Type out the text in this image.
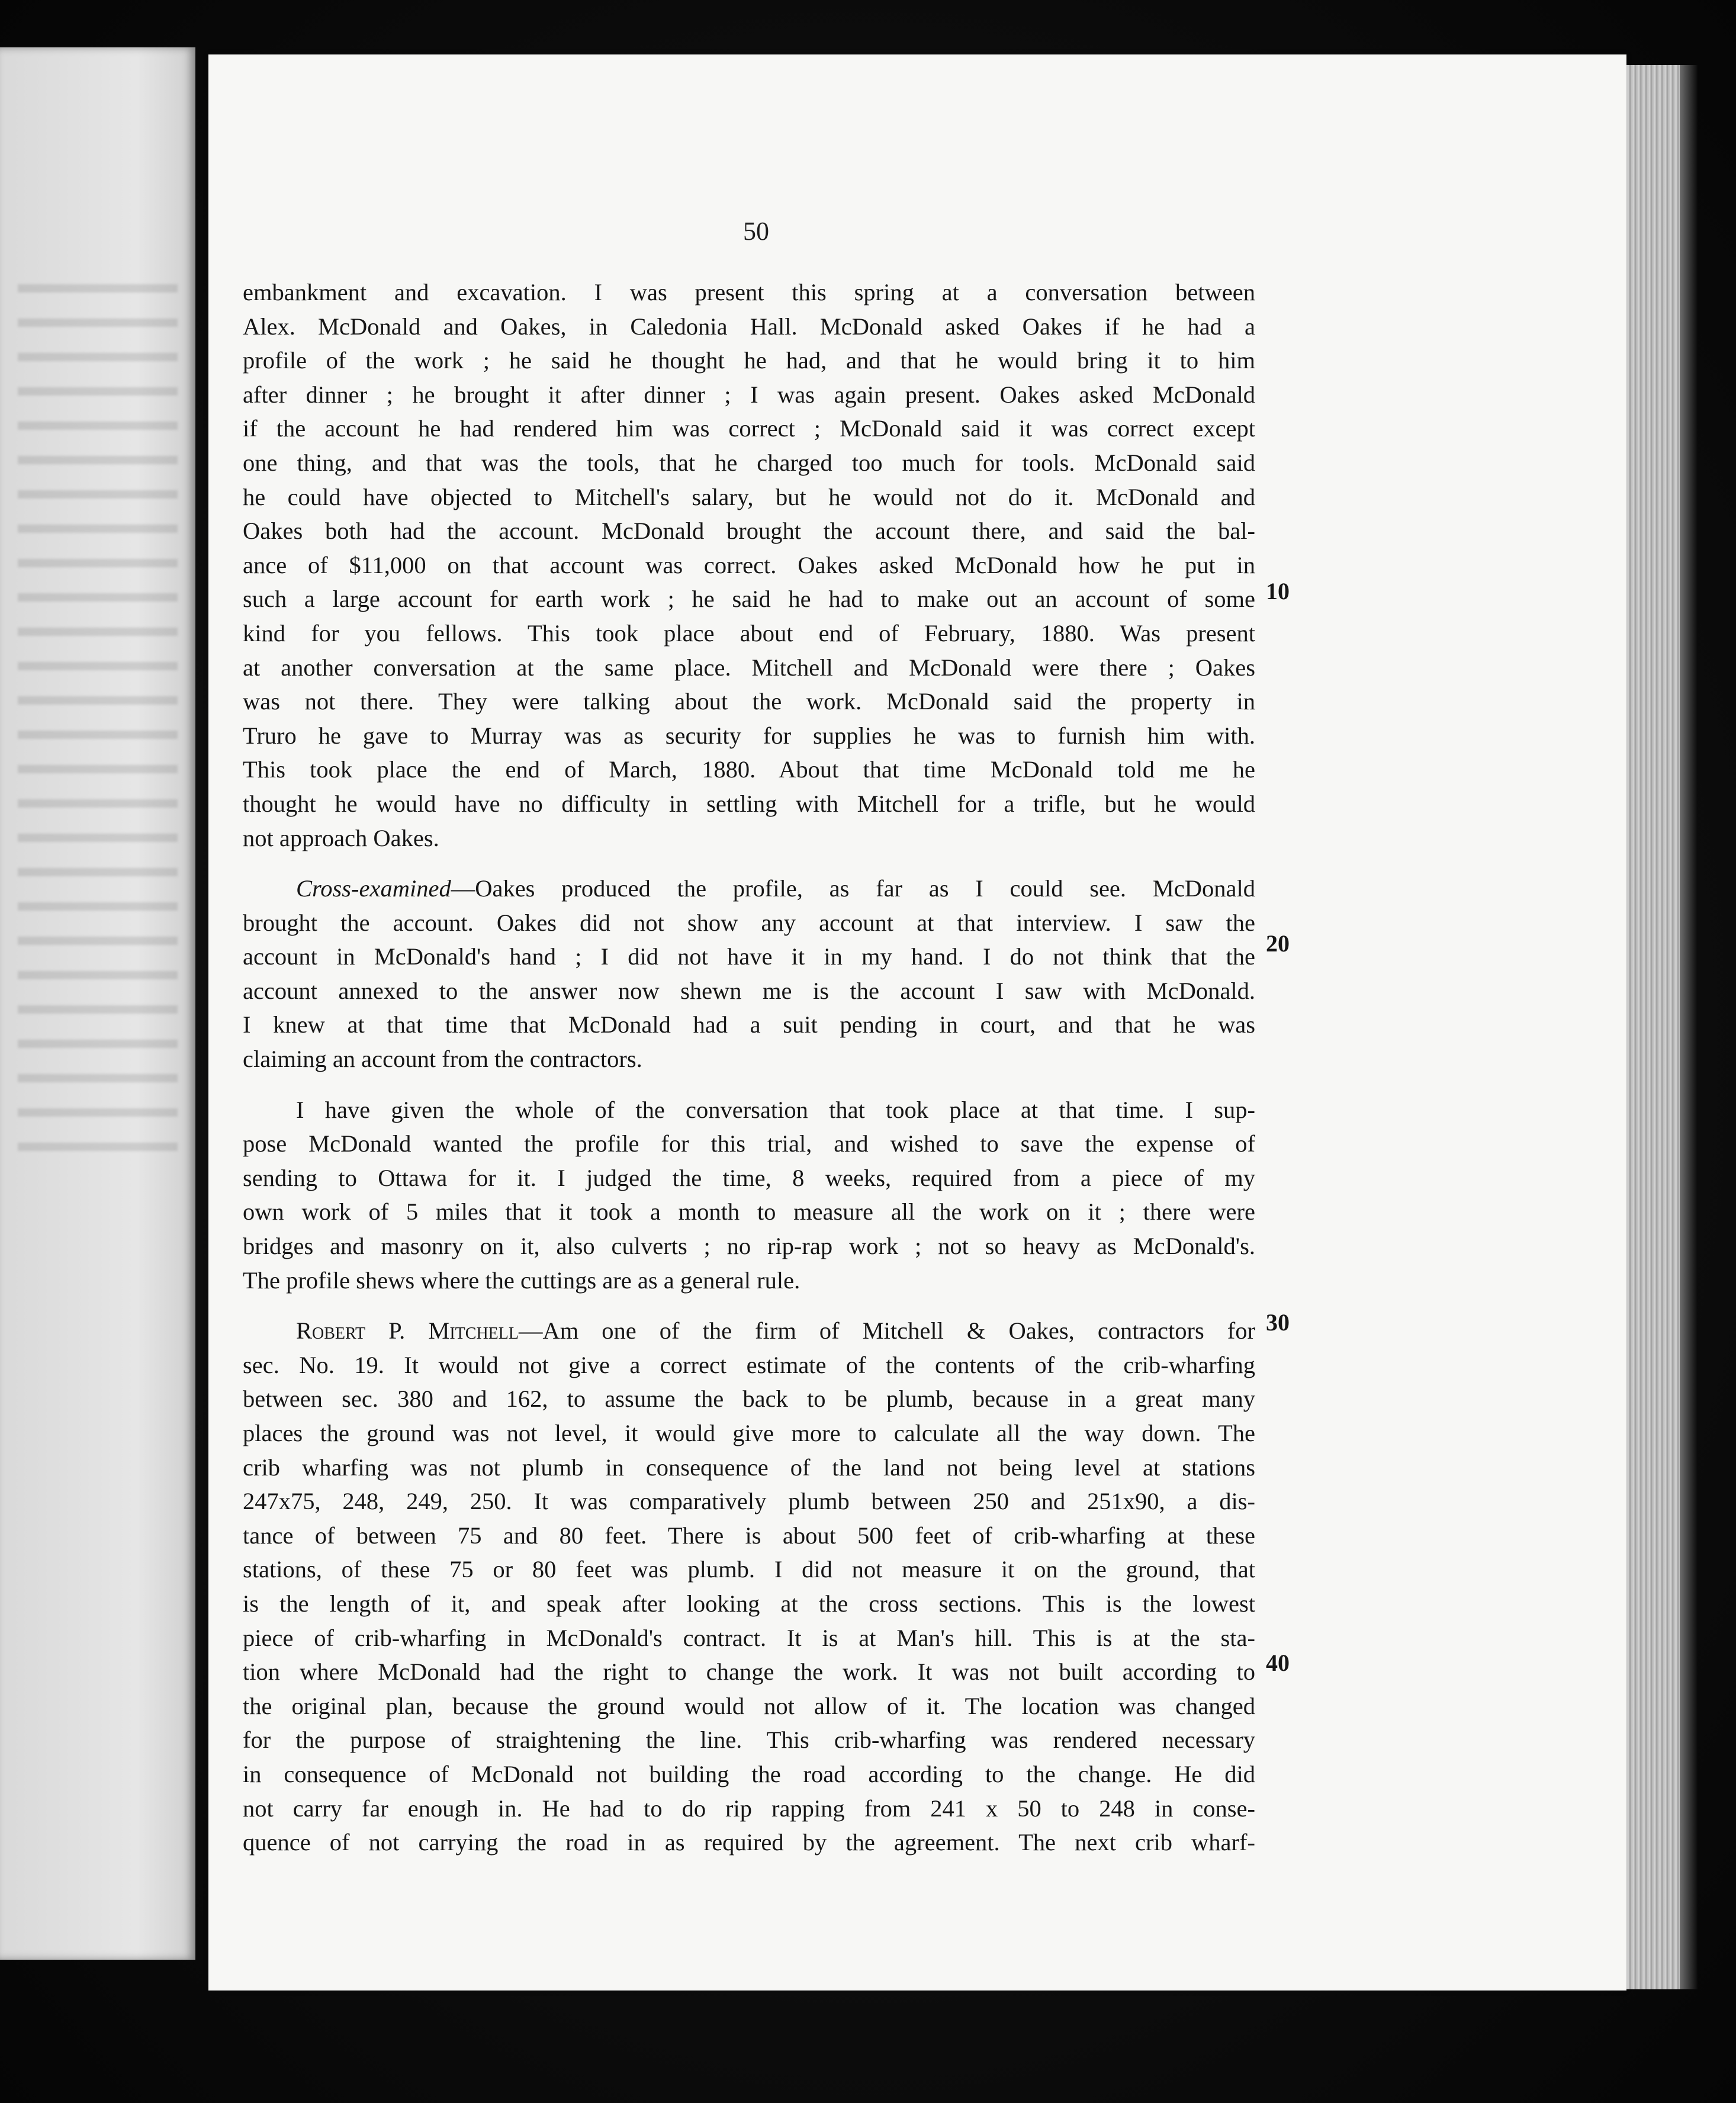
50

embankment and excavation. I was present this spring at a conversation between
Alex. McDonald and Oakes, in Caledonia Hall. McDonald asked Oakes if he had a
profile of the work ; he said he thought he had, and that he would bring it to him
after dinner ; he brought it after dinner ; I was again present. Oakes asked McDonald
if the account he had rendered him was correct ; McDonald said it was correct except
one thing, and that was the tools, that he charged too much for tools. McDonald said
he could have objected to Mitchell's salary, but he would not do it. McDonald and
Oakes both had the account. McDonald brought the account there, and said the bal-
ance of $11,000 on that account was correct. Oakes asked McDonald how he put in
such a large account for earth work ; he said he had to make out an account of some
kind for you fellows. This took place about end of February, 1880. Was present
at another conversation at the same place. Mitchell and McDonald were there ; Oakes
was not there. They were talking about the work. McDonald said the property in
Truro he gave to Murray was as security for supplies he was to furnish him with.
This took place the end of March, 1880. About that time McDonald told me he
thought he would have no difficulty in settling with Mitchell for a trifle, but he would
not approach Oakes.

Cross-examined—Oakes produced the profile, as far as I could see. McDonald
brought the account. Oakes did not show any account at that interview. I saw the
account in McDonald's hand ; I did not have it in my hand. I do not think that the
account annexed to the answer now shewn me is the account I saw with McDonald.
I knew at that time that McDonald had a suit pending in court, and that he was
claiming an account from the contractors.

I have given the whole of the conversation that took place at that time. I sup-
pose McDonald wanted the profile for this trial, and wished to save the expense of
sending to Ottawa for it. I judged the time, 8 weeks, required from a piece of my
own work of 5 miles that it took a month to measure all the work on it ; there were
bridges and masonry on it, also culverts ; no rip-rap work ; not so heavy as McDonald's.
The profile shews where the cuttings are as a general rule.

Robert P. Mitchell—Am one of the firm of Mitchell & Oakes, contractors for
sec. No. 19. It would not give a correct estimate of the contents of the crib-wharfing
between sec. 380 and 162, to assume the back to be plumb, because in a great many
places the ground was not level, it would give more to calculate all the way down. The
crib wharfing was not plumb in consequence of the land not being level at stations
247x75, 248, 249, 250. It was comparatively plumb between 250 and 251x90, a dis-
tance of between 75 and 80 feet. There is about 500 feet of crib-wharfing at these
stations, of these 75 or 80 feet was plumb. I did not measure it on the ground, that
is the length of it, and speak after looking at the cross sections. This is the lowest
piece of crib-wharfing in McDonald's contract. It is at Man's hill. This is at the sta-
tion where McDonald had the right to change the work. It was not built according to
the original plan, because the ground would not allow of it. The location was changed
for the purpose of straightening the line. This crib-wharfing was rendered necessary
in consequence of McDonald not building the road according to the change. He did
not carry far enough in. He had to do rip rapping from 241 x 50 to 248 in conse-
quence of not carrying the road in as required by the agreement. The next crib wharf-

10
20
30
40
